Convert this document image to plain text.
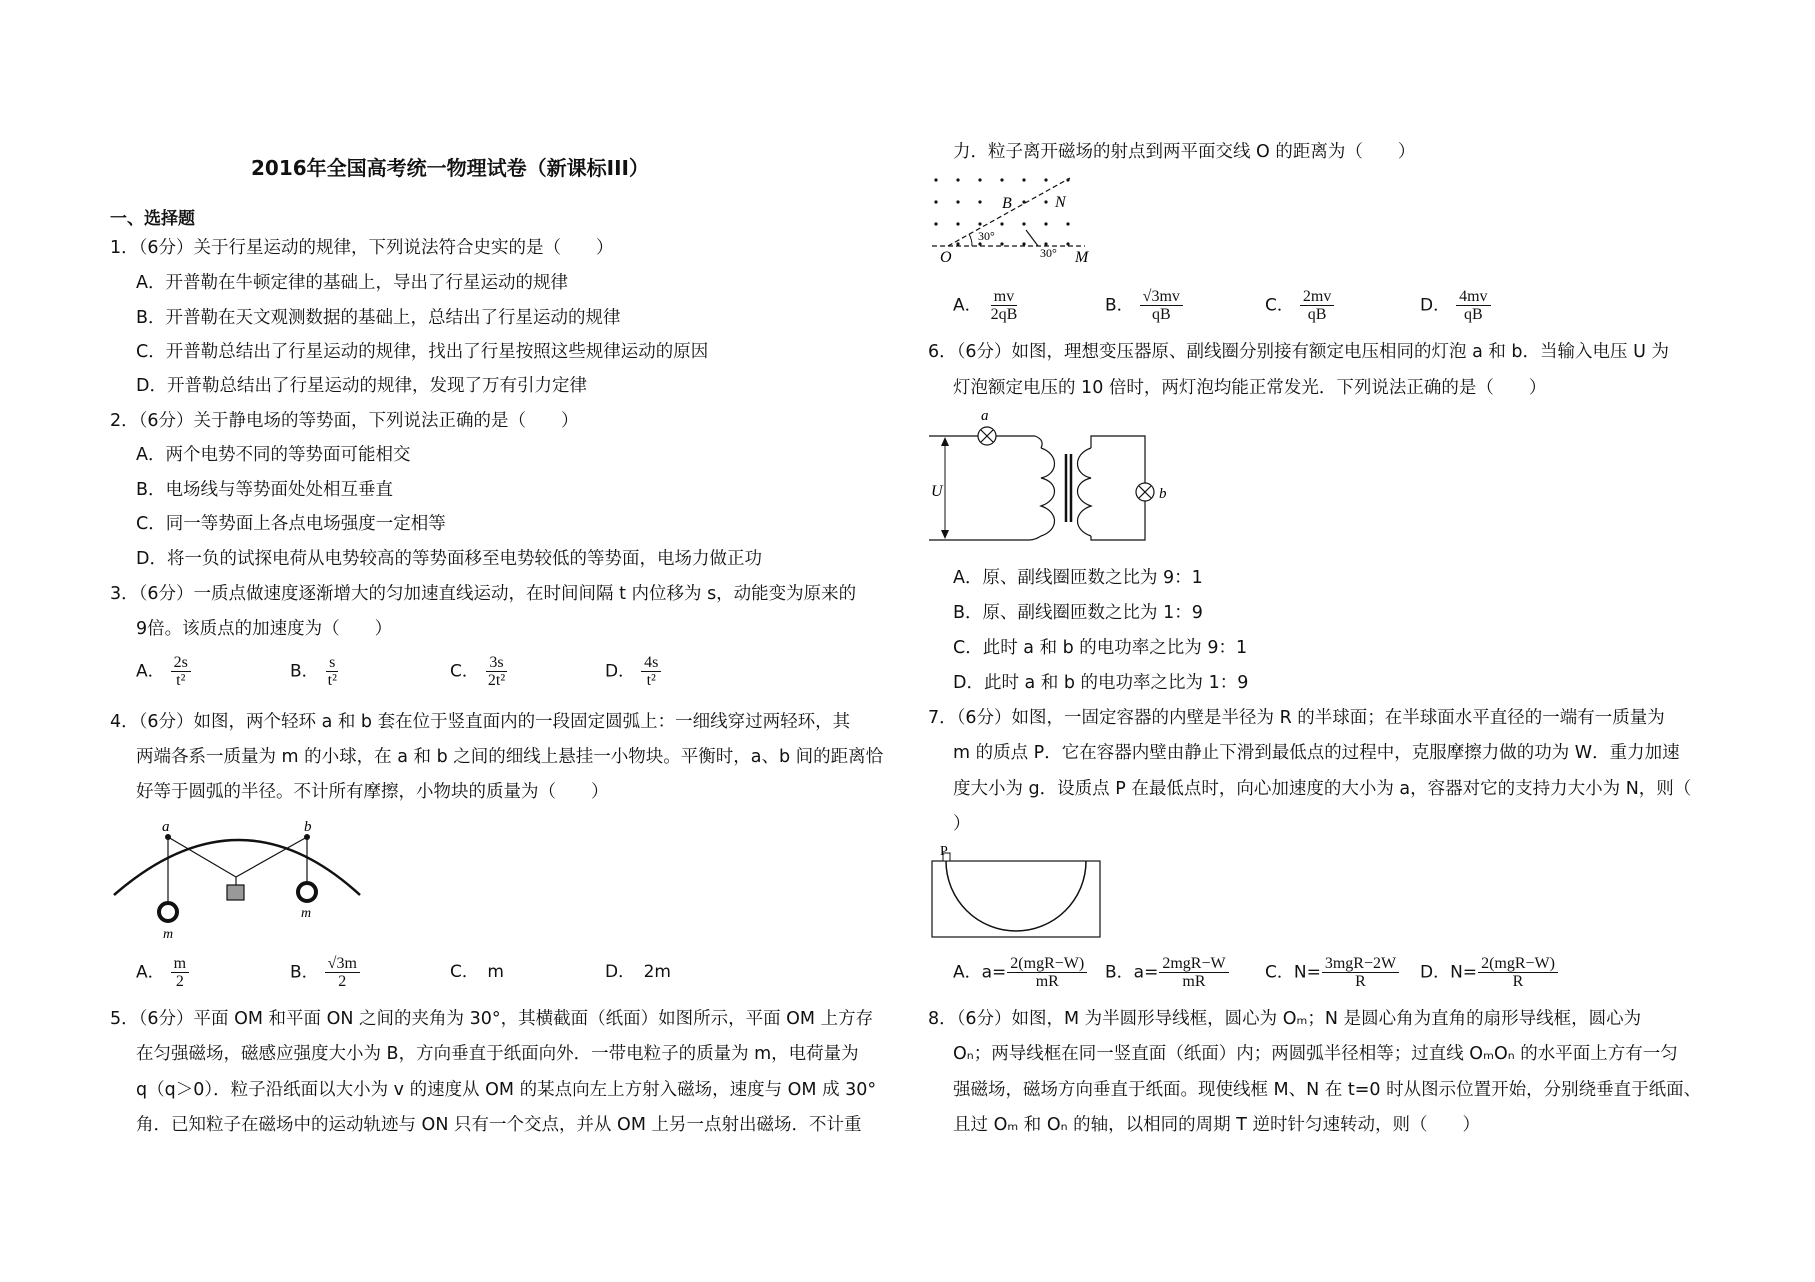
2016年全国高考统一物理试卷（新课标III）
一、选择题
1．（6分）关于行星运动的规律，下列说法符合史实的是（　　）
A．开普勒在牛顿定律的基础上，导出了行星运动的规律
B．开普勒在天文观测数据的基础上，总结出了行星运动的规律
C．开普勒总结出了行星运动的规律，找出了行星按照这些规律运动的原因
D．开普勒总结出了行星运动的规律，发现了万有引力定律
2．（6分）关于静电场的等势面，下列说法正确的是（　　）
A．两个电势不同的等势面可能相交
B．电场线与等势面处处相互垂直
C．同一等势面上各点电场强度一定相等
D．将一负的试探电荷从电势较高的等势面移至电势较低的等势面，电场力做正功
3．（6分）一质点做速度逐渐增大的匀加速直线运动，在时间间隔 t 内位移为 s，动能变为原来的
9倍。该质点的加速度为（　　）
A． $\frac{2s}{\text{t²}}$	B． $\frac{s}{\text{t²}}$	C． $\frac{3s}{\text{2t²}}$	D． $\frac{4s}{\text{t²}}$
4．（6分）如图，两个轻环 a 和 b 套在位于竖直面内的一段固定圆弧上：一细线穿过两轻环，其
两端各系一质量为 m 的小球，在 a 和 b 之间的细线上悬挂一小物块。平衡时，a、b 间的距离恰
好等于圆弧的半径。不计所有摩擦，小物块的质量为（　　）
a	b
m
m
A． $\frac{m}{2}$	B． $\frac{√3m}{2}$	C．　m	D．　2m
5．（6分）平面 OM 和平面 ON 之间的夹角为 30°，其横截面（纸面）如图所示，平面 OM 上方存
在匀强磁场，磁感应强度大小为 B，方向垂直于纸面向外．一带电粒子的质量为 m，电荷量为
q（q＞0）．粒子沿纸面以大小为 v 的速度从 OM 的某点向左上方射入磁场，速度与 OM 成 30°
角．已知粒子在磁场中的运动轨迹与 ON 只有一个交点，并从 OM 上另一点射出磁场．不计重
力．粒子离开磁场的射点到两平面交线 O 的距离为（　　）
30°
30°
B	N
O	M
A． $\frac{mv}{2qB}$	B． $\frac{√3mv}{qB}$	C． $\frac{2mv}{qB}$	D． $\frac{4mv}{qB}$
6．（6分）如图，理想变压器原、副线圈分别接有额定电压相同的灯泡 a 和 b．当输入电压 U 为
灯泡额定电压的 10 倍时，两灯泡均能正常发光．下列说法正确的是（　　）
a
b
U
A．原、副线圈匝数之比为 9：1
B．原、副线圈匝数之比为 1：9
C．此时 a 和 b 的电功率之比为 9：1
D．此时 a 和 b 的电功率之比为 1：9
7．（6分）如图，一固定容器的内壁是半径为 R 的半球面；在半球面水平直径的一端有一质量为
m 的质点 P．它在容器内壁由静止下滑到最低点的过程中，克服摩擦力做的功为 W．重力加速
度大小为 g．设质点 P 在最低点时，向心加速度的大小为 a，容器对它的支持力大小为 N，则（
）
P
A．$a= \frac{\text{2(mgR−W)}}{mR}$ B．$a= \frac{\text{2mgR−W}}{mR}$ C．$N= \frac{\text{3mgR−2W}}{R}$ D．$N= \frac{\text{2(mgR−W)}}{R}$
8．（6分）如图，M 为半圆形导线框，圆心为 Oₘ；N 是圆心角为直角的扇形导线框，圆心为
Oₙ；两导线框在同一竖直面（纸面）内；两圆弧半径相等；过直线 OₘOₙ 的水平面上方有一匀
强磁场，磁场方向垂直于纸面。现使线框 M、N 在 t=0 时从图示位置开始，分别绕垂直于纸面、
且过 Oₘ 和 Oₙ 的轴，以相同的周期 T 逆时针匀速转动，则（　　）
